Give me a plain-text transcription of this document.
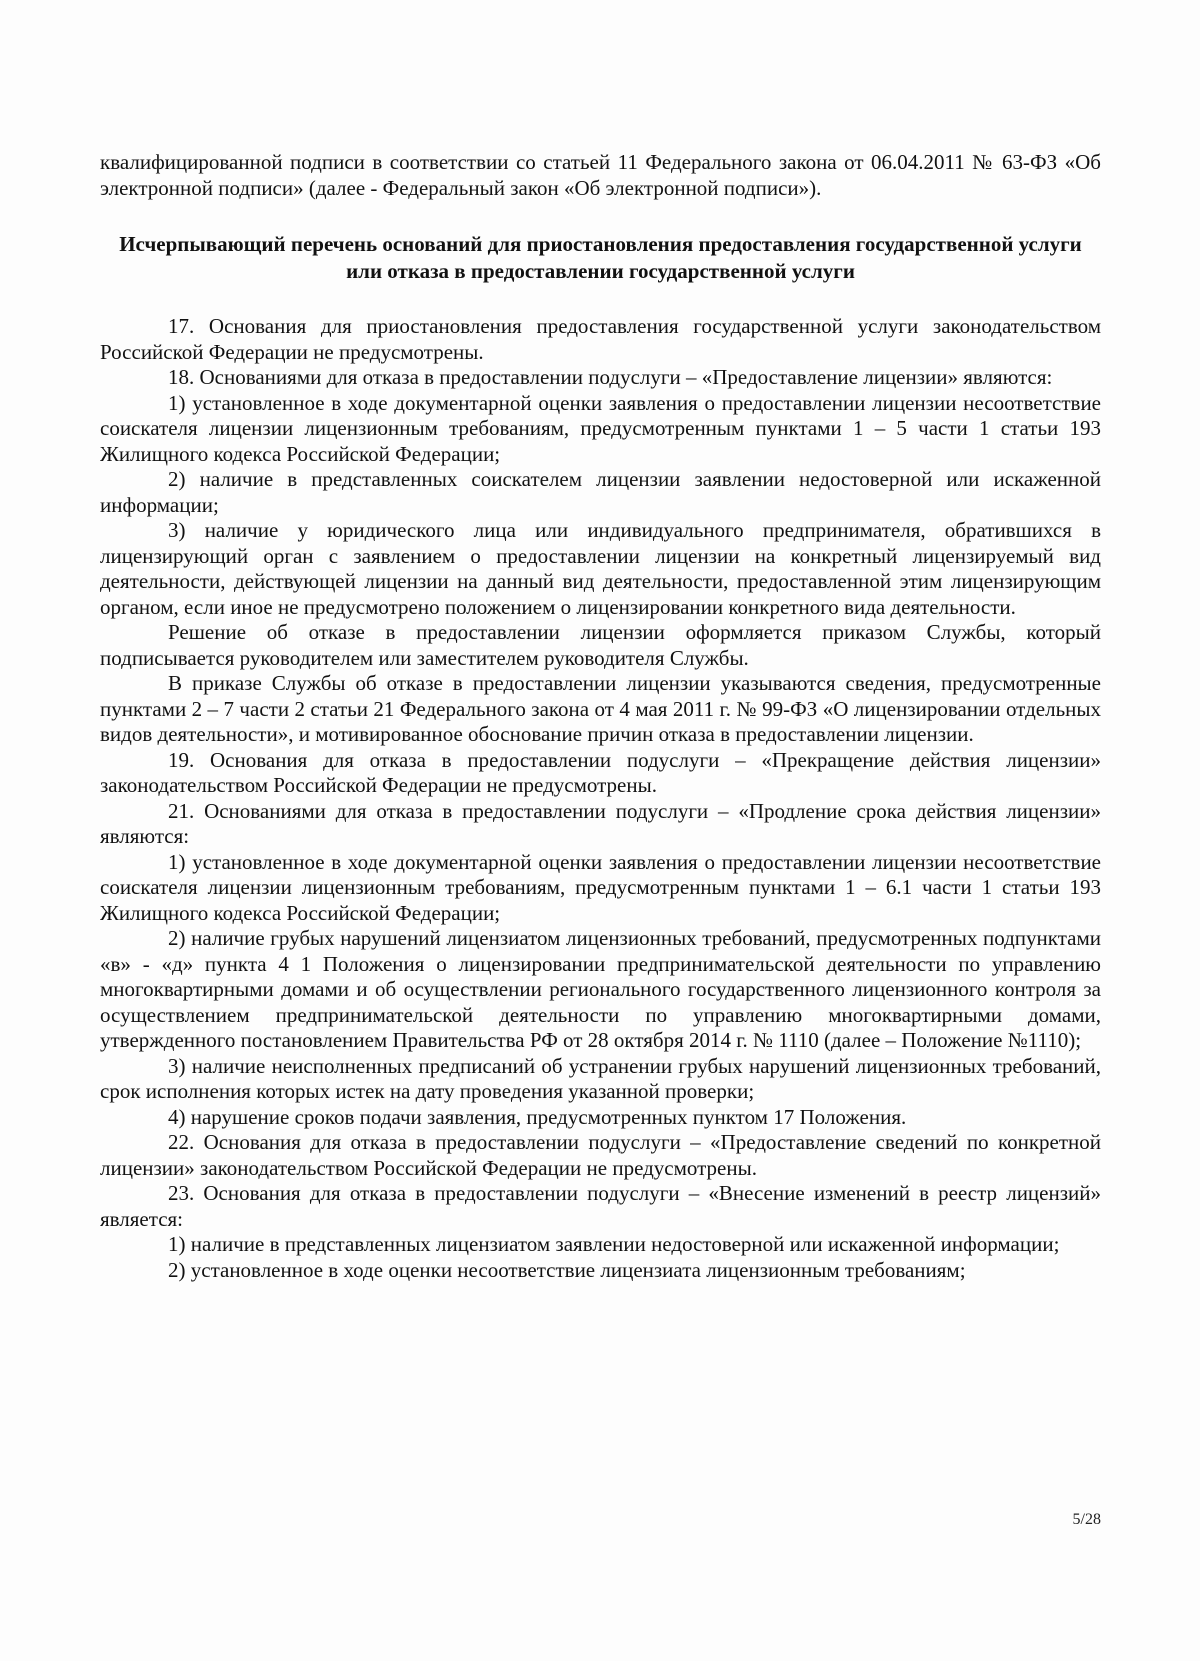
квалифицированной подписи в соответствии со статьей 11 Федерального закона от 06.04.2011 № 63-ФЗ «Об электронной подписи» (далее - Федеральный закон «Об электронной подписи»).

Исчерпывающий перечень оснований для приостановления предоставления государственной услуги или отказа в предоставлении государственной услуги

17. Основания для приостановления предоставления государственной услуги законодательством Российской Федерации не предусмотрены.

18. Основаниями для отказа в предоставлении подуслуги – «Предоставление лицензии» являются:

1) установленное в ходе документарной оценки заявления о предоставлении лицензии несоответствие соискателя лицензии лицензионным требованиям, предусмотренным пунктами 1 – 5 части 1 статьи 193 Жилищного кодекса Российской Федерации;

2) наличие в представленных соискателем лицензии заявлении недостоверной или искаженной информации;

3) наличие у юридического лица или индивидуального предпринимателя, обратившихся в лицензирующий орган с заявлением о предоставлении лицензии на конкретный лицензируемый вид деятельности, действующей лицензии на данный вид деятельности, предоставленной этим лицензирующим органом, если иное не предусмотрено положением о лицензировании конкретного вида деятельности.

Решение об отказе в предоставлении лицензии оформляется приказом Службы, который подписывается руководителем или заместителем руководителя Службы.

В приказе Службы об отказе в предоставлении лицензии указываются сведения, предусмотренные пунктами 2 – 7 части 2 статьи 21 Федерального закона от 4 мая 2011 г. № 99-ФЗ «О лицензировании отдельных видов деятельности», и мотивированное обоснование причин отказа в предоставлении лицензии.

19. Основания для отказа в предоставлении подуслуги – «Прекращение действия лицензии» законодательством Российской Федерации не предусмотрены.

21. Основаниями для отказа в предоставлении подуслуги – «Продление срока действия лицензии» являются:

1) установленное в ходе документарной оценки заявления о предоставлении лицензии несоответствие соискателя лицензии лицензионным требованиям, предусмотренным пунктами 1 – 6.1 части 1 статьи 193 Жилищного кодекса Российской Федерации;

2) наличие грубых нарушений лицензиатом лицензионных требований, предусмотренных подпунктами «в» - «д» пункта 4 1 Положения о лицензировании предпринимательской деятельности по управлению многоквартирными домами и об осуществлении регионального государственного лицензионного контроля за осуществлением предпринимательской деятельности по управлению многоквартирными домами, утвержденного постановлением Правительства РФ от 28 октября 2014 г. № 1110 (далее – Положение №1110);

3) наличие неисполненных предписаний об устранении грубых нарушений лицензионных требований, срок исполнения которых истек на дату проведения указанной проверки;

4) нарушение сроков подачи заявления, предусмотренных пунктом 17 Положения.

22. Основания для отказа в предоставлении подуслуги – «Предоставление сведений по конкретной лицензии» законодательством Российской Федерации не предусмотрены.

23. Основания для отказа в предоставлении подуслуги – «Внесение изменений в реестр лицензий» является:

1) наличие в представленных лицензиатом заявлении недостоверной или искаженной информации;

2) установленное в ходе оценки несоответствие лицензиата лицензионным требованиям;

5/28
